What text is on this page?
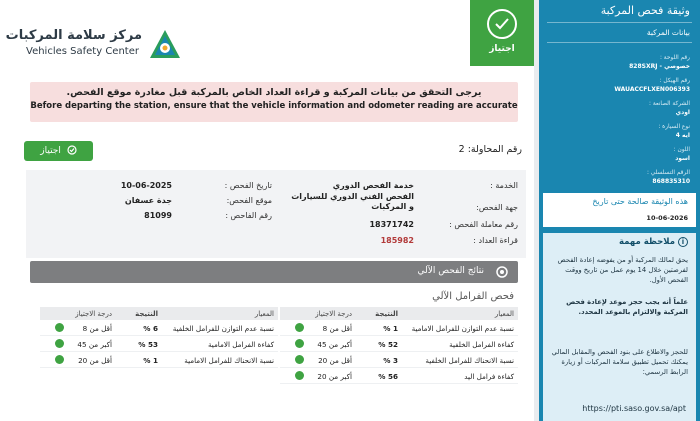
مركز سلامة المركبات
Vehicles Safety Center	اجتياز
يرجى التحقق من بيانات المركبة و قراءة العداد الخاص بالمركبة قبل مغادرة موقع الفحص.
Before departing the station, ensure that the vehicle information and odometer reading are accurate
اجتياز	رقم المحاولة: 2
الخدمة :
خدمة الفحص الدوري
جهة الفحص:
الفحص الفني الدوري للسيارات و المركبات
رقم معاملة الفحص :
18371742
قراءة العداد :
185982
تاريخ الفحص :
10-06-2025
موقع الفحص:
جدة عسفان
رقم الفاحص :
81099
نتائج الفحص الآلي
فحص الفرامل الآلي
المعيار
النتيجة
درجة الاجتياز
نسبة عدم التوازن للفرامل الامامية
1 %
أقل من 8
كفاءة الفرامل الخلفية
52 %
أكبر من 45
نسبة الانحناك للفرامل الخلفية
3 %
أقل من 20
كفاءة فرامل اليد
56 %
أكبر من 20
المعيار
النتيجة
درجة الاجتياز
نسبة عدم التوازن للفرامل الخلفية
6 %
أقل من 8
كفاءة الفرامل الامامية
53 %
أكبر من 45
نسبة الانحناك للفرامل الامامية
1 %
أقل من 20
وثيقة فحص المركبة
بيانات المركبة
رقم اللوحة :
خصوصي - 828SXRJ
رقم الهيكل :
WAUACCFLXEN006393
الشركة الصانعة :
اودي
نوع السيارة :
ايه 4
اللون :
اسود
الرقم التسلسلي :
868835310
هذه الوثيقة صالحة حتى تاريخ
10-06-2026
iملاحظة مهمة

يحق لمالك المركبة أو من يفوضه إعادة الفحص لفرصتين خلال 14 يوم عمل من تاريخ ووقت الفحص الأول.

علماً أنه يجب حجز موعد لإعادة فحص المركبة والالتزام بالموعد المحدد.

للحجز والاطلاع على بنود الفحص والمقابل المالي يمكنك تحميل تطبيق سلامة المركبات أو زيارة الرابط الرسمي:

https://pti.saso.gov.sa/apt
